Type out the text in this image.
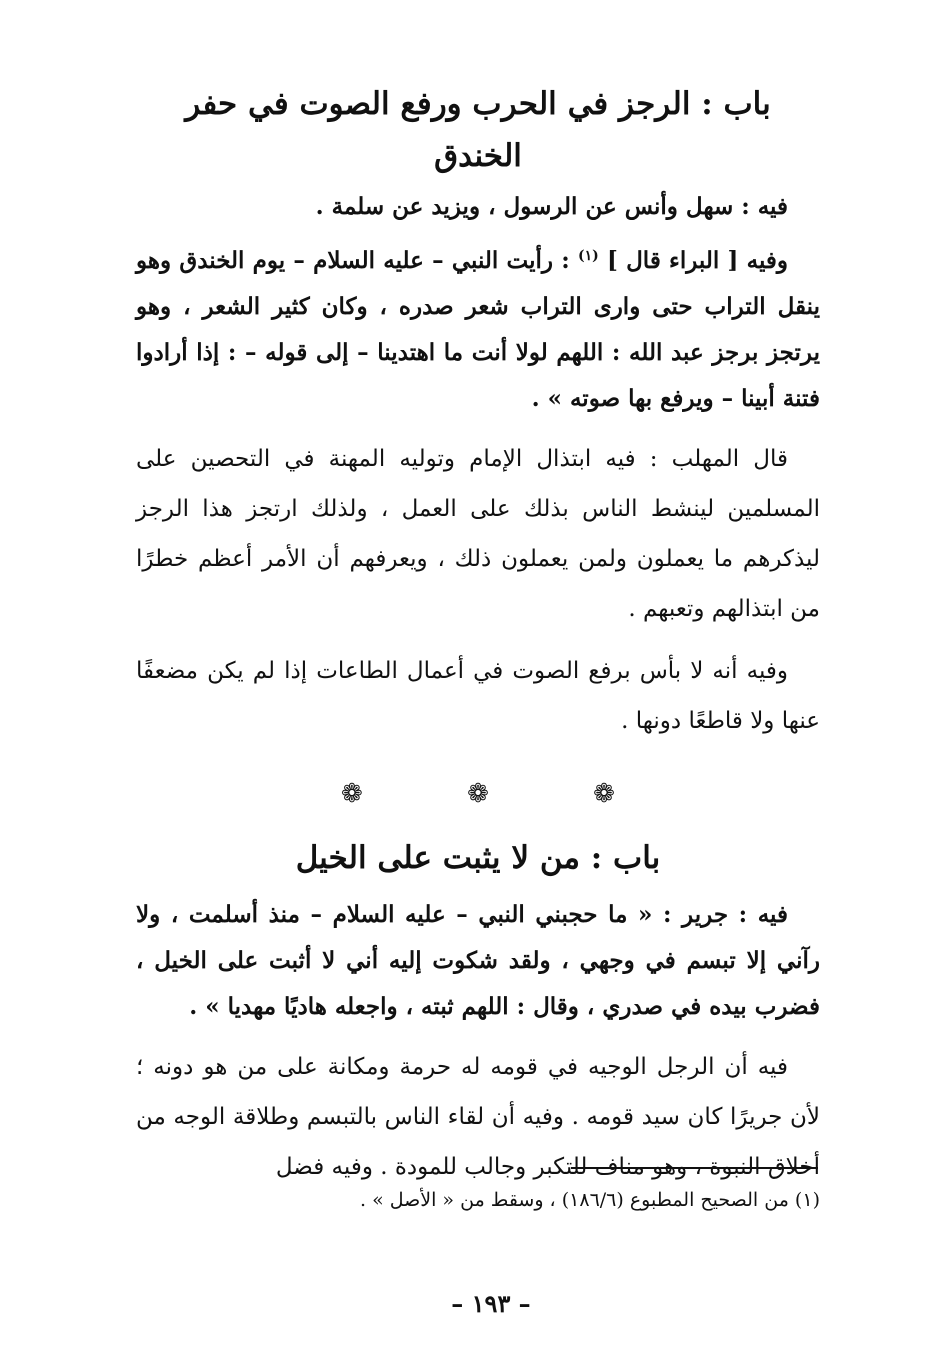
باب : الرجز في الحرب ورفع الصوت في حفر الخندق

فيه : سهل وأنس عن الرسول ، ويزيد عن سلمة .

وفيه [ البراء قال ] $^{(١)}$ : رأيت النبي – عليه السلام – يوم الخندق وهو ينقل التراب حتى وارى التراب شعر صدره ، وكان كثير الشعر ، وهو يرتجز برجز عبد الله : اللهم لولا أنت ما اهتدينا – إلى قوله – : إذا أرادوا فتنة أبينا – ويرفع بها صوته » .

قال المهلب : فيه ابتذال الإمام وتوليه المهنة في التحصين على المسلمين لينشط الناس بذلك على العمل ، ولذلك ارتجز هذا الرجز ليذكرهم ما يعملون ولمن يعملون ذلك ، ويعرفهم أن الأمر أعظم خطرًا من ابتذالهم وتعبهم .

وفيه أنه لا بأس برفع الصوت في أعمال الطاعات إذا لم يكن مضعفًا عنها ولا قاطعًا دونها .

❁ ❁ ❁
باب : من لا يثبت على الخيل

فيه : جرير : « ما حجبني النبي – عليه السلام – منذ أسلمت ، ولا رآني إلا تبسم في وجهي ، ولقد شكوت إليه أني لا أثبت على الخيل ، فضرب بيده في صدري ، وقال : اللهم ثبته ، واجعله هاديًا مهديا » .

فيه أن الرجل الوجيه في قومه له حرمة ومكانة على من هو دونه ؛ لأن جريرًا كان سيد قومه . وفيه أن لقاء الناس بالتبسم وطلاقة الوجه من أخلاق النبوة ، وهو مناف للتكبر وجالب للمودة . وفيه فضل

(١) من الصحيح المطبوع (١٨٦/٦) ، وسقط من « الأصل » .
– ١٩٣ –
